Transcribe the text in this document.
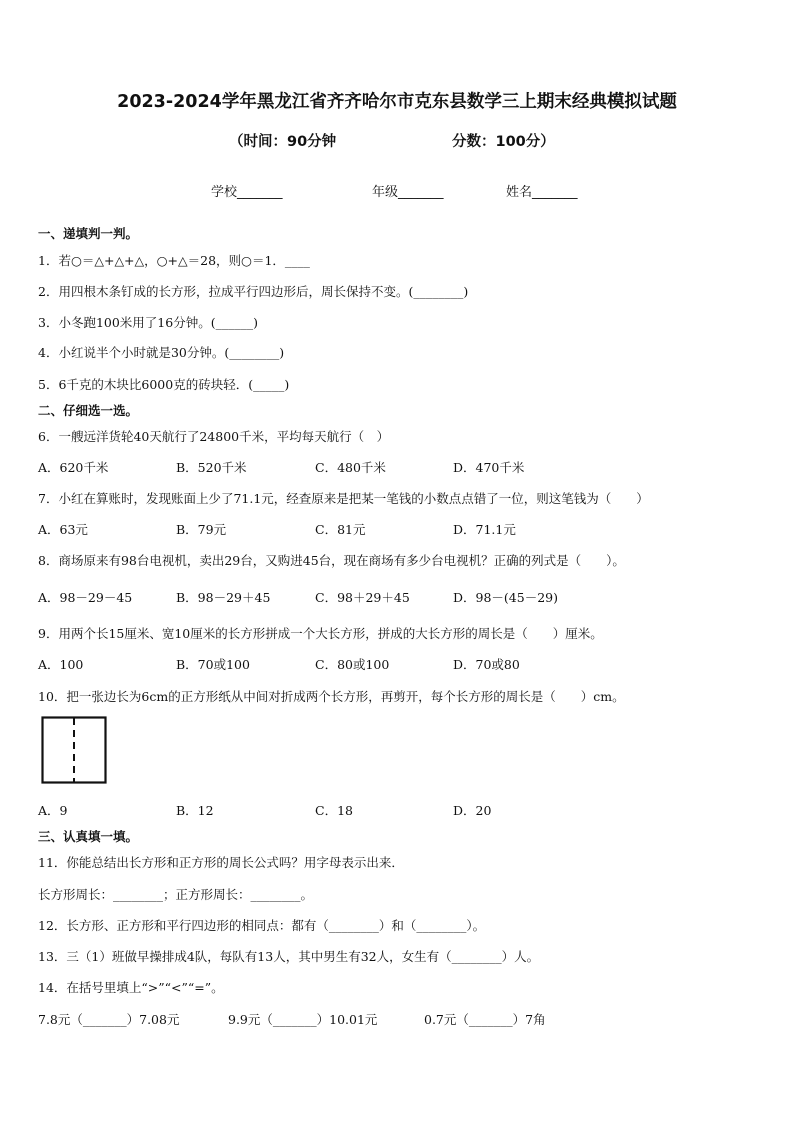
2023-2024学年黑龙江省齐齐哈尔市克东县数学三上期末经典模拟试题
（时间：90分钟	分数：100分）
学校_______	年级_______	姓名_______
一、递填判一判。
1．若○＝△+△+△，○+△＝28，则○＝1．____
2．用四根木条钉成的长方形，拉成平行四边形后，周长保持不变。(________)
3．小冬跑100米用了16分钟。(______)
4．小红说半个小时就是30分钟。(________)
5．6千克的木块比6000克的砖块轻．(_____)
二、仔细选一选。
6．一艘远洋货轮40天航行了24800千米，平均每天航行（　）
A．620千米	B．520千米	C．480千米	D．470千米
7．小红在算账时，发现账面上少了71.1元，经查原来是把某一笔钱的小数点点错了一位，则这笔钱为（　　）
A．63元	B．79元	C．81元	D．71.1元
8．商场原来有98台电视机，卖出29台，又购进45台，现在商场有多少台电视机？正确的列式是（　　）。
A．98－29－45	B．98－29＋45	C．98＋29＋45	D．98－(45－29)
9．用两个长15厘米、宽10厘米的长方形拼成一个大长方形，拼成的大长方形的周长是（　　）厘米。
A．100	B．70或100	C．80或100	D．70或80
10．把一张边长为6cm的正方形纸从中间对折成两个长方形，再剪开，每个长方形的周长是（　　）cm。
A．9	B．12	C．18	D．20
三、认真填一填。
11．你能总结出长方形和正方形的周长公式吗？用字母表示出来．
长方形周长：________；正方形周长：________。
12．长方形、正方形和平行四边形的相同点：都有（________）和（________）。
13．三（1）班做早操排成4队，每队有13人，其中男生有32人，女生有（________）人。
14．在括号里填上“>”“<”“=”。
7.8元（_______）7.08元	9.9元（_______）10.01元	0.7元（_______）7角
